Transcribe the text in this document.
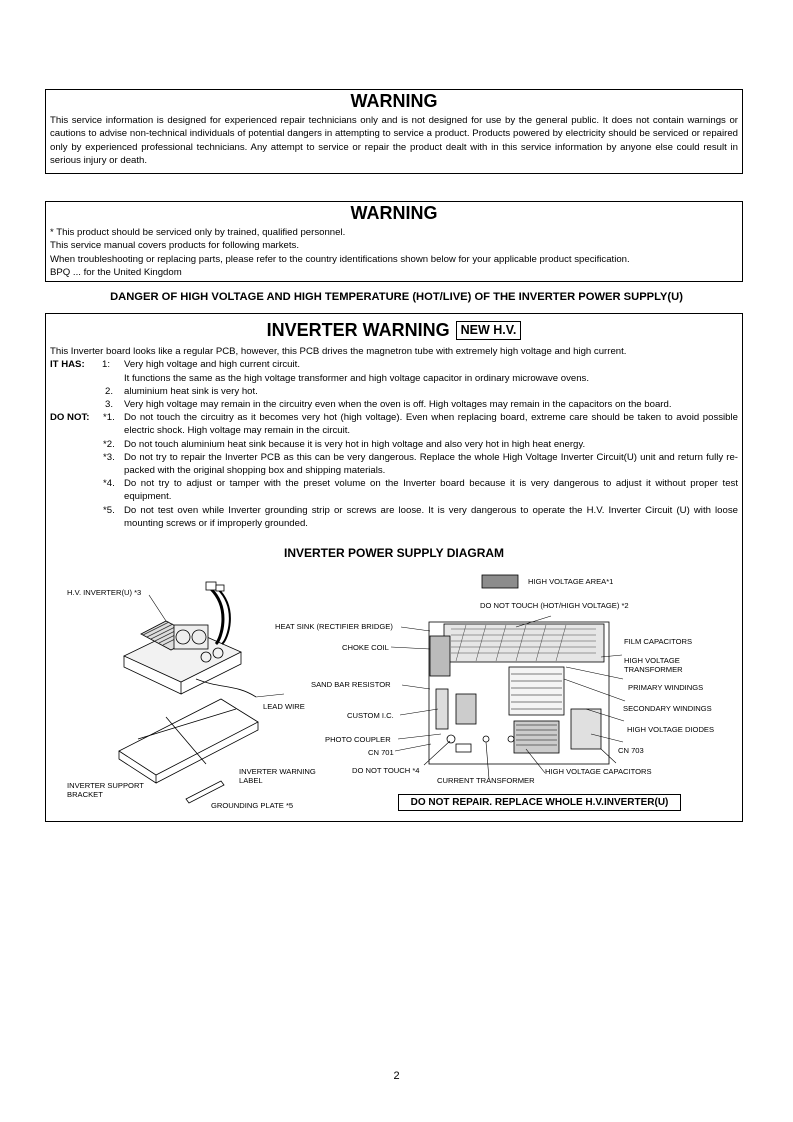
WARNING
This service information is designed for experienced repair technicians only and is not designed for use by the general public. It does not contain warnings or cautions to advise non-technical individuals of potential dangers in attempting to service a product. Products powered by electricity should be serviced or repaired only by experienced professional technicians. Any attempt to service or repair the product dealt with in this service information by anyone else could result in serious injury or death.
WARNING
* This product should be serviced only by trained, qualified personnel.
This service manual covers products for following markets.
When troubleshooting or replacing parts, please refer to the country identifications shown below for your applicable product specification.
BPQ ... for the United Kingdom
DANGER OF HIGH VOLTAGE AND HIGH TEMPERATURE (HOT/LIVE) OF THE INVERTER POWER SUPPLY(U)
INVERTER WARNING NEW H.V.
This Inverter board looks like a regular PCB, however, this PCB drives the magnetron tube with extremely high voltage and high current.
IT HAS: 1: Very high voltage and high current circuit.
It functions the same as the high voltage transformer and high voltage capacitor in ordinary microwave ovens.
2. aluminium heat sink is very hot.
3. Very high voltage may remain in the circuitry even when the oven is off. High voltages may remain in the capacitors on the board.
DO NOT: *1. Do not touch the circuitry as it becomes very hot (high voltage). Even when replacing board, extreme care should be taken to avoid possible electric shock. High voltage may remain in the circuit.
*2. Do not touch aluminium heat sink because it is very hot in high voltage and also very hot in high heat energy.
*3. Do not try to repair the Inverter PCB as this can be very dangerous. Replace the whole High Voltage Inverter Circuit(U) unit and return fully re-packed with the original shopping box and shipping materials.
*4. Do not try to adjust or tamper with the preset volume on the Inverter board because it is very dangerous to adjust it without proper test equipment.
*5. Do not test oven while Inverter grounding strip or screws are loose. It is very dangerous to operate the H.V. Inverter Circuit (U) with loose mounting screws or if improperly grounded.
INVERTER POWER SUPPLY DIAGRAM
H.V. INVERTER(U) *3
LEAD WIRE
INVERTER SUPPORT
BRACKET
INVERTER WARNING
LABEL
GROUNDING PLATE *5
HIGH VOLTAGE AREA*1
DO NOT TOUCH (HOT/HIGH VOLTAGE) *2
HEAT SINK (RECTIFIER BRIDGE)
CHOKE COIL
SAND BAR RESISTOR
CUSTOM I.C.
PHOTO COUPLER
CN 701
DO NOT TOUCH *4
CURRENT TRANSFORMER
HIGH VOLTAGE CAPACITORS
CN 703
HIGH VOLTAGE DIODES
SECONDARY WINDINGS
PRIMARY WINDINGS
HIGH VOLTAGE
TRANSFORMER
FILM CAPACITORS
DO NOT REPAIR. REPLACE WHOLE H.V.INVERTER(U)
2
